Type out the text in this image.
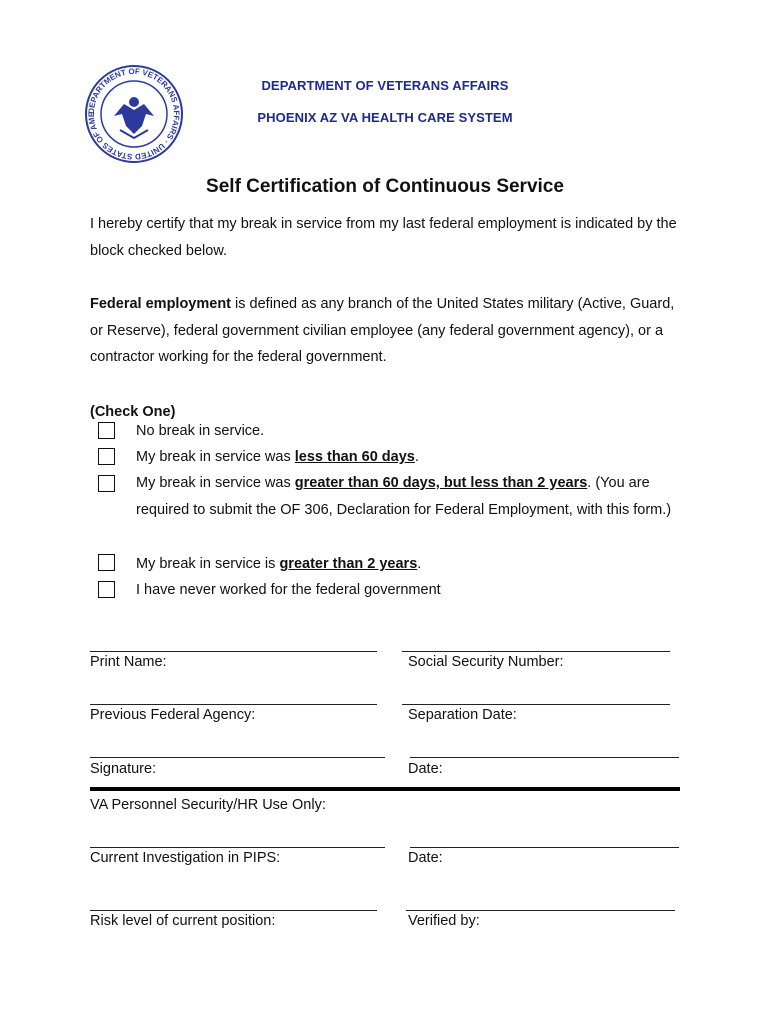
DEPARTMENT OF VETERANS AFFAIRS · UNITED STATES OF AME
DEPARTMENT OF VETERANS AFFAIRS
PHOENIX AZ VA HEALTH CARE SYSTEM
Self Certification of Continuous Service

I hereby certify that my break in service from my last federal employment is indicated by the block checked below.

Federal employment is defined as any branch of the United States military (Active, Guard, or Reserve), federal government civilian employee (any federal government agency), or a contractor working for the federal government.

(Check One)
No break in service.
My break in service was less than 60 days.
My break in service was greater than 60 days, but less than 2 years. (You are required to submit the OF 306, Declaration for Federal Employment, with this form.)
My break in service is greater than 2 years.
I have never worked for the federal government
Print Name:	Social Security Number:
Previous Federal Agency:	Separation Date:
Signature:	Date:
VA Personnel Security/HR Use Only:
Current Investigation in PIPS:	Date:
Risk level of current position:	Verified by:
